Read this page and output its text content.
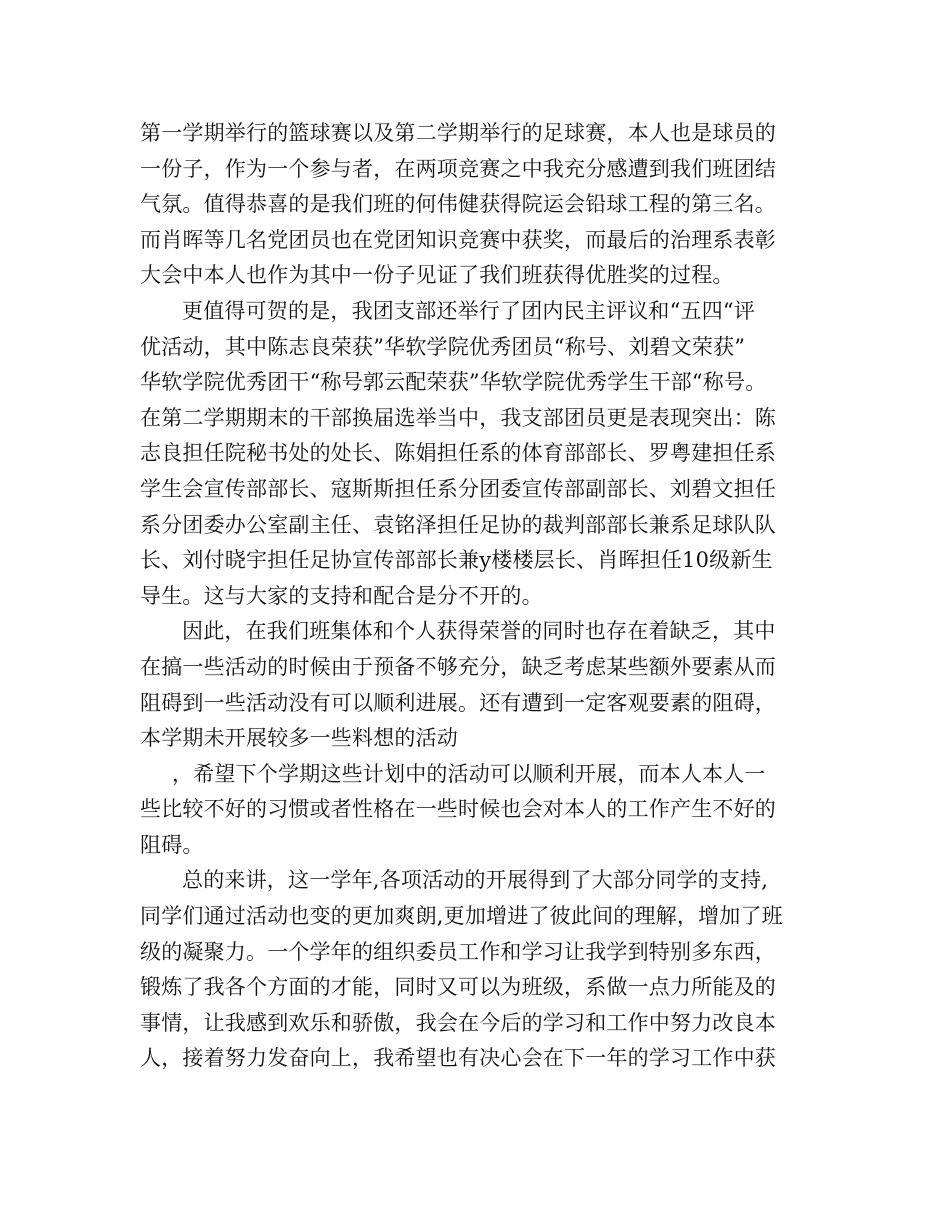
第一学期举行的篮球赛以及第二学期举行的足球赛，本人也是球员的
一份子，作为一个参与者，在两项竞赛之中我充分感遭到我们班团结
气氛。值得恭喜的是我们班的何伟健获得院运会铅球工程的第三名。
而肖晖等几名党团员也在党团知识竞赛中获奖，而最后的治理系表彰
大会中本人也作为其中一份子见证了我们班获得优胜奖的过程。
更值得可贺的是，我团支部还举行了团内民主评议和“五四“评
优活动，其中陈志良荣获”华软学院优秀团员“称号、刘碧文荣获”
华软学院优秀团干“称号郭云配荣获”华软学院优秀学生干部“称号。
在第二学期期末的干部换届选举当中，我支部团员更是表现突出：陈
志良担任院秘书处的处长、陈娟担任系的体育部部长、罗粤建担任系
学生会宣传部部长、寇斯斯担任系分团委宣传部副部长、刘碧文担任
系分团委办公室副主任、袁铭泽担任足协的裁判部部长兼系足球队队
长、刘付晓宇担任足协宣传部部长兼y楼楼层长、肖晖担任10级新生
导生。这与大家的支持和配合是分不开的。
因此，在我们班集体和个人获得荣誉的同时也存在着缺乏，其中
在搞一些活动的时候由于预备不够充分，缺乏考虑某些额外要素从而
阻碍到一些活动没有可以顺利进展。还有遭到一定客观要素的阻碍，
本学期未开展较多一些料想的活动
，希望下个学期这些计划中的活动可以顺利开展，而本人本人一
些比较不好的习惯或者性格在一些时候也会对本人的工作产生不好的
阻碍。
总的来讲，这一学年,各项活动的开展得到了大部分同学的支持,
同学们通过活动也变的更加爽朗,更加增进了彼此间的理解，增加了班
级的凝聚力。一个学年的组织委员工作和学习让我学到特别多东西，
锻炼了我各个方面的才能，同时又可以为班级，系做一点力所能及的
事情，让我感到欢乐和骄傲，我会在今后的学习和工作中努力改良本
人，接着努力发奋向上，我希望也有决心会在下一年的学习工作中获
